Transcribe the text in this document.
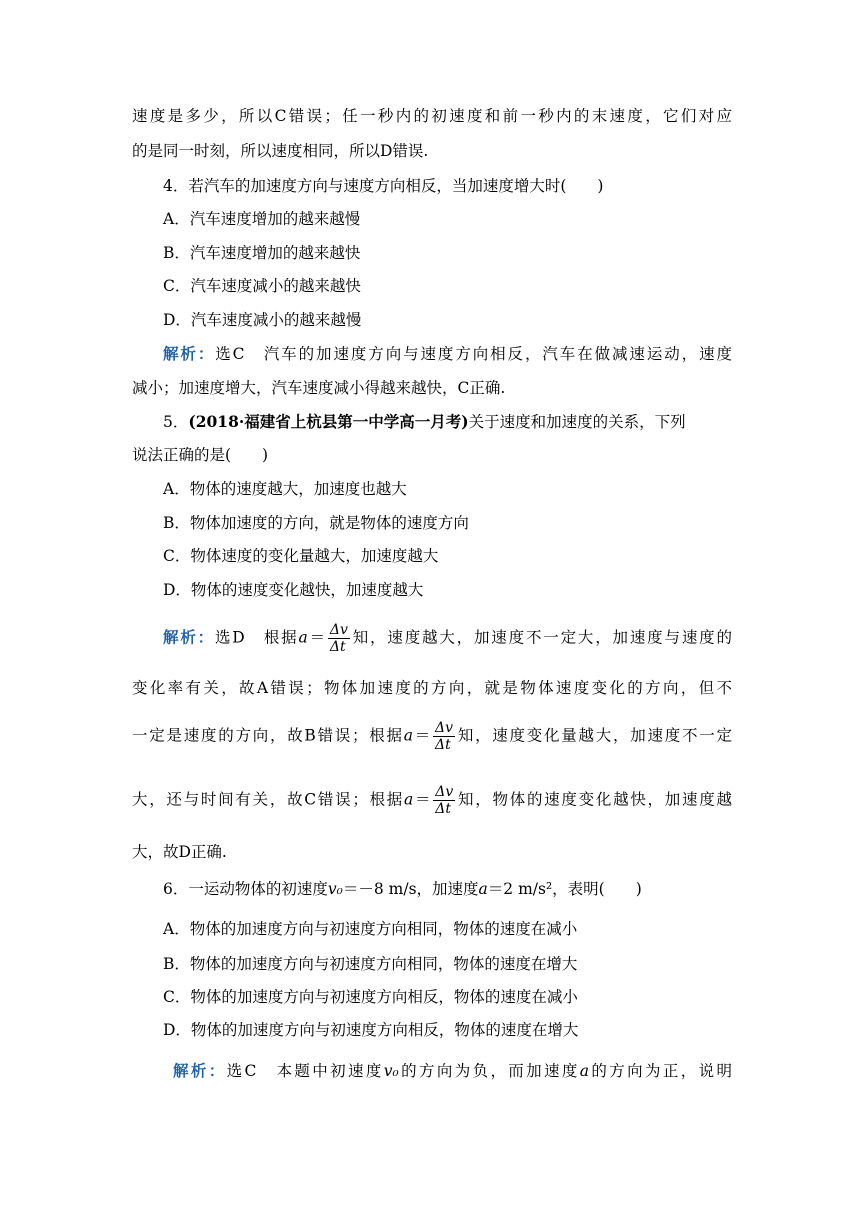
速度是多少，所以C错误；任一秒内的初速度和前一秒内的末速度，它们对应
的是同一时刻，所以速度相同，所以D错误.
4．若汽车的加速度方向与速度方向相反，当加速度增大时(　　)
A．汽车速度增加的越来越慢
B．汽车速度增加的越来越快
C．汽车速度减小的越来越快
D．汽车速度减小的越来越慢
解析：选C　汽车的加速度方向与速度方向相反，汽车在做减速运动，速度
减小；加速度增大，汽车速度减小得越来越快，C正确.
5．(2018·福建省上杭县第一中学高一月考)关于速度和加速度的关系，下列
说法正确的是(　　)
A．物体的速度越大，加速度也越大
B．物体加速度的方向，就是物体的速度方向
C．物体速度的变化量越大，加速度越大
D．物体的速度变化越快，加速度越大
解析：选D　根据$a= \frac{\Delta v}{\Delta t}$ 知，速度越大，加速度不一定大，加速度与速度的
变化率有关，故A错误；物体加速度的方向，就是物体速度变化的方向，但不
一定是速度的方向，故B错误；根据$a= \frac{\Delta v}{\Delta t}$ 知，速度变化量越大，加速度不一定
大，还与时间有关，故C错误；根据$a= \frac{\Delta v}{\Delta t}$ 知，物体的速度变化越快，加速度越
大，故D正确.
6．一运动物体的初速度v₀＝－8 m/s，加速度a＝2 m/s²，表明(　　)
A．物体的加速度方向与初速度方向相同，物体的速度在减小
B．物体的加速度方向与初速度方向相同，物体的速度在增大
C．物体的加速度方向与初速度方向相反，物体的速度在减小
D．物体的加速度方向与初速度方向相反，物体的速度在增大
解析：选C　本题中初速度v₀的方向为负，而加速度a的方向为正，说明
